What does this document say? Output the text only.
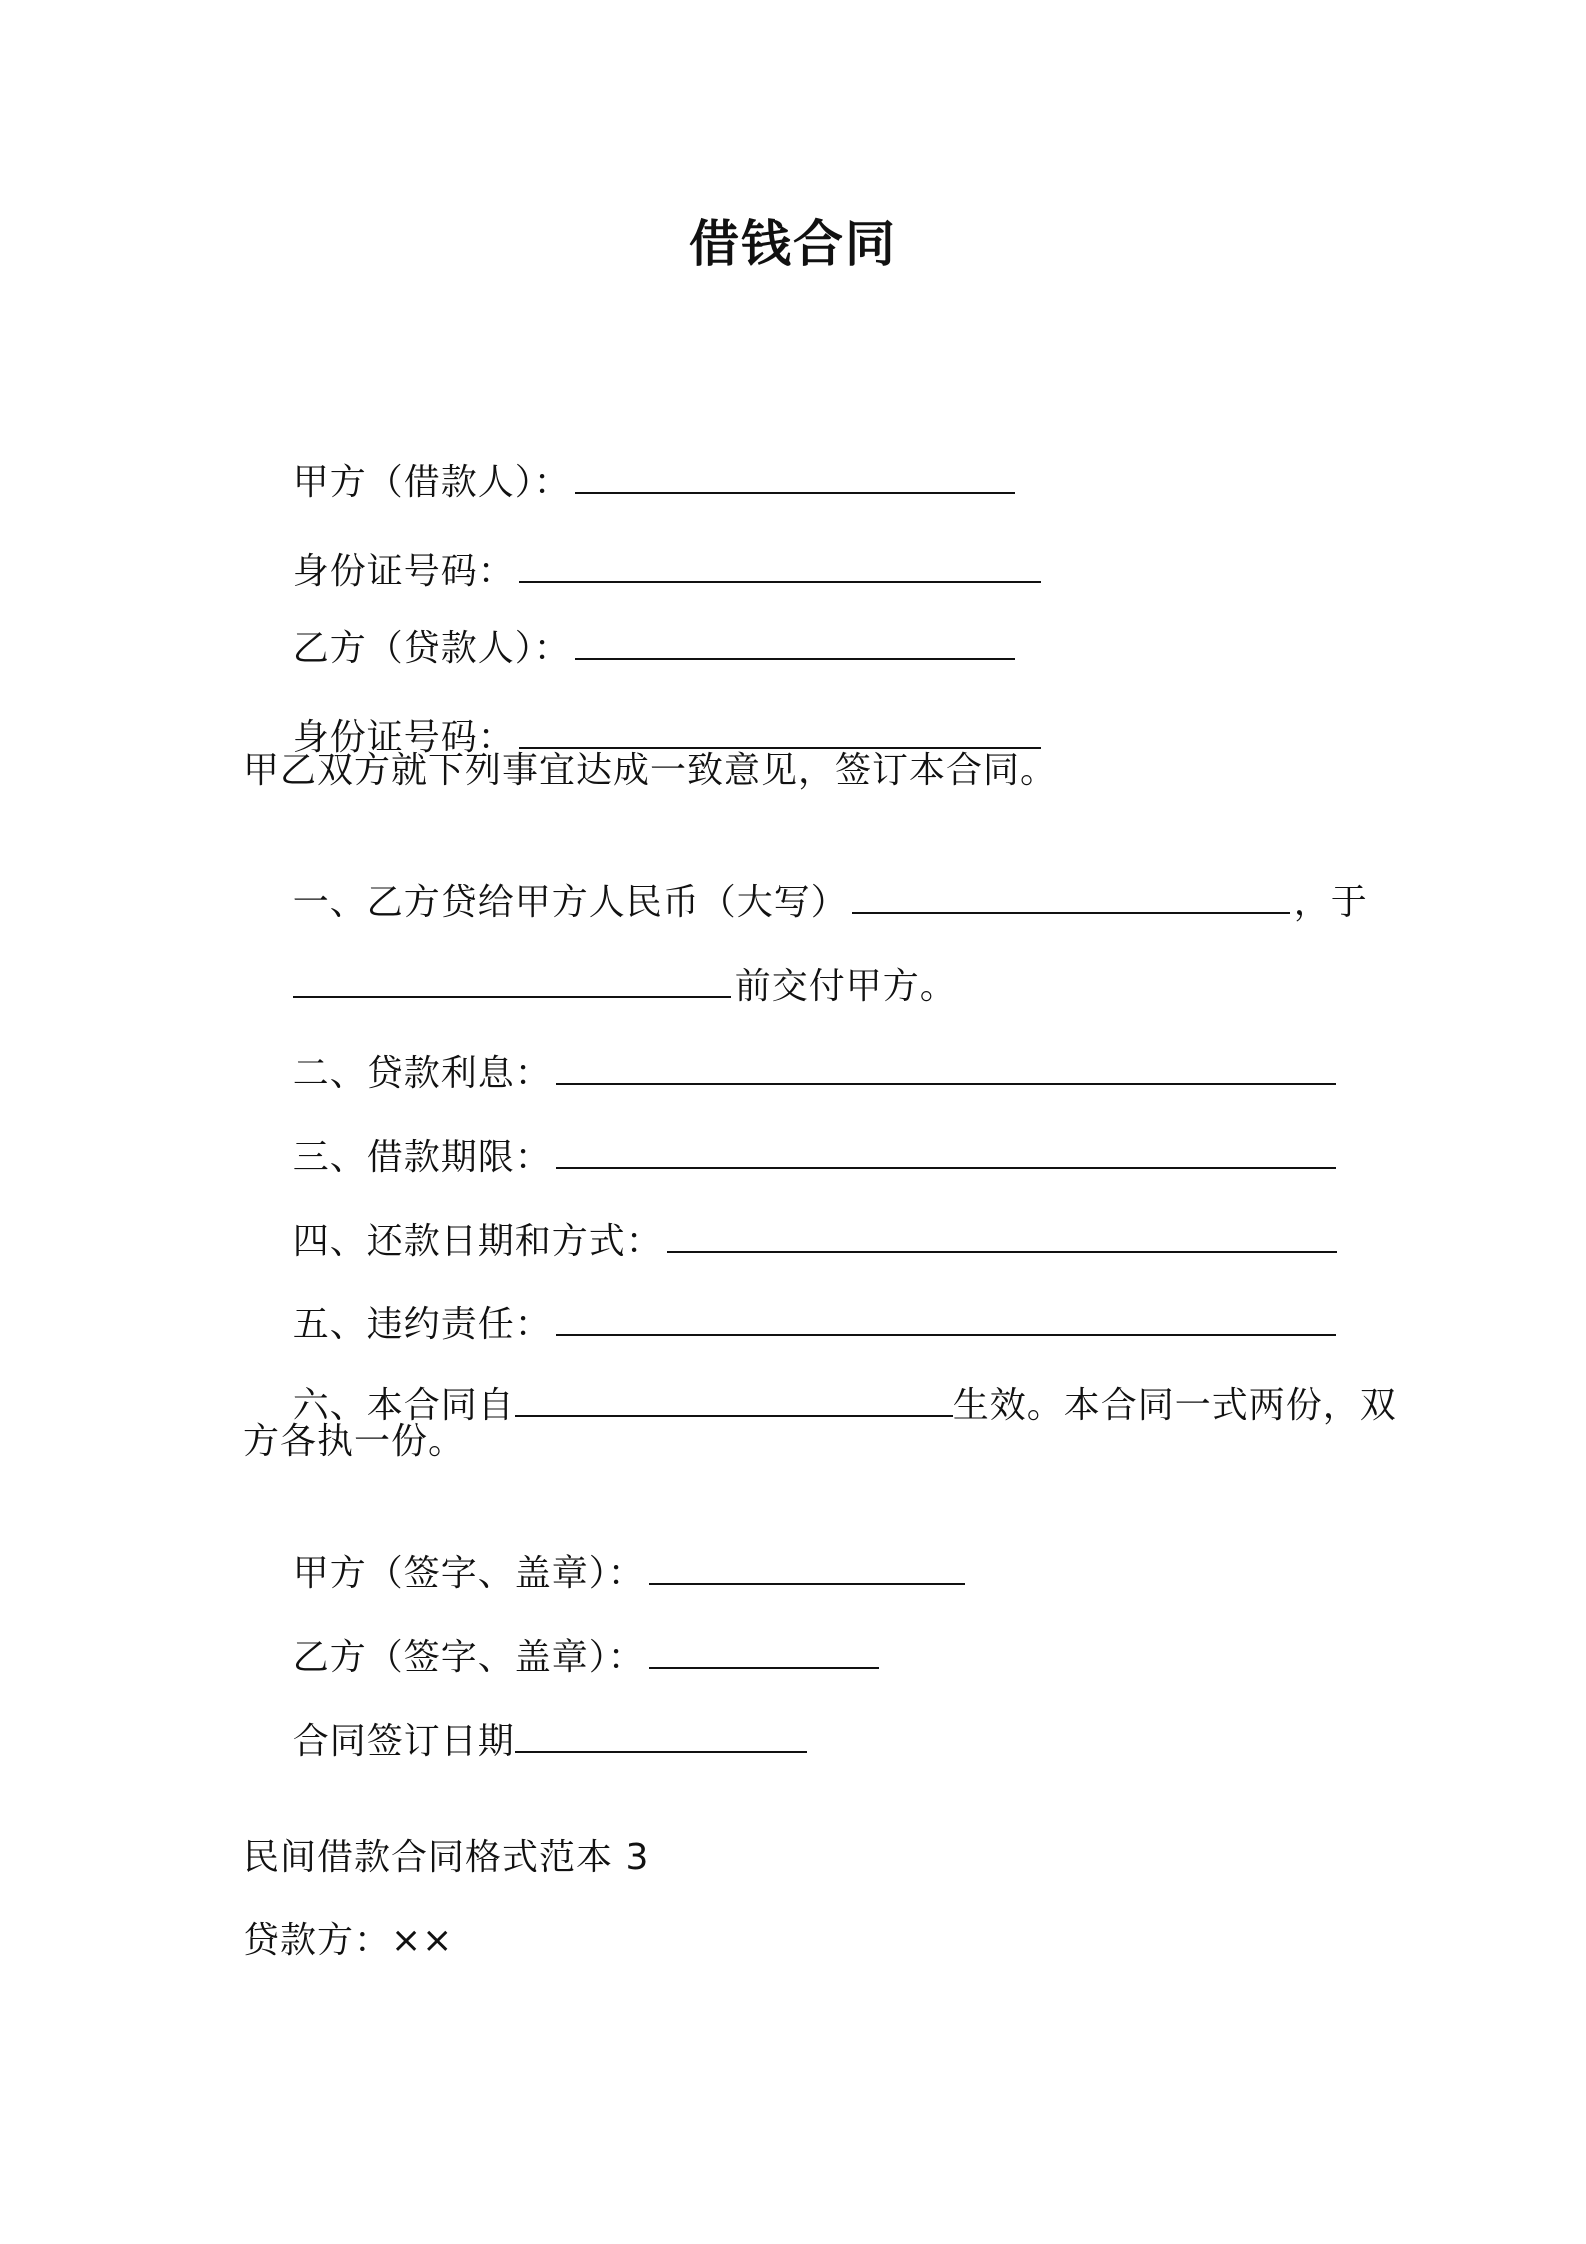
借钱合同

甲方（借款人）：

身份证号码：

乙方（贷款人）：

身份证号码：

甲乙双方就下列事宜达成一致意见，签订本合同。

一、乙方贷给甲方人民币（大写）	，于

前交付甲方。

二、贷款利息：

三、借款期限：

四、还款日期和方式：

五、违约责任：

六、本合同自	生效。本合同一式两份，双

方各执一份。

甲方（签字、盖章）：

乙方（签字、盖章）：

合同签订日期

民间借款合同格式范本 3
贷款方：××
